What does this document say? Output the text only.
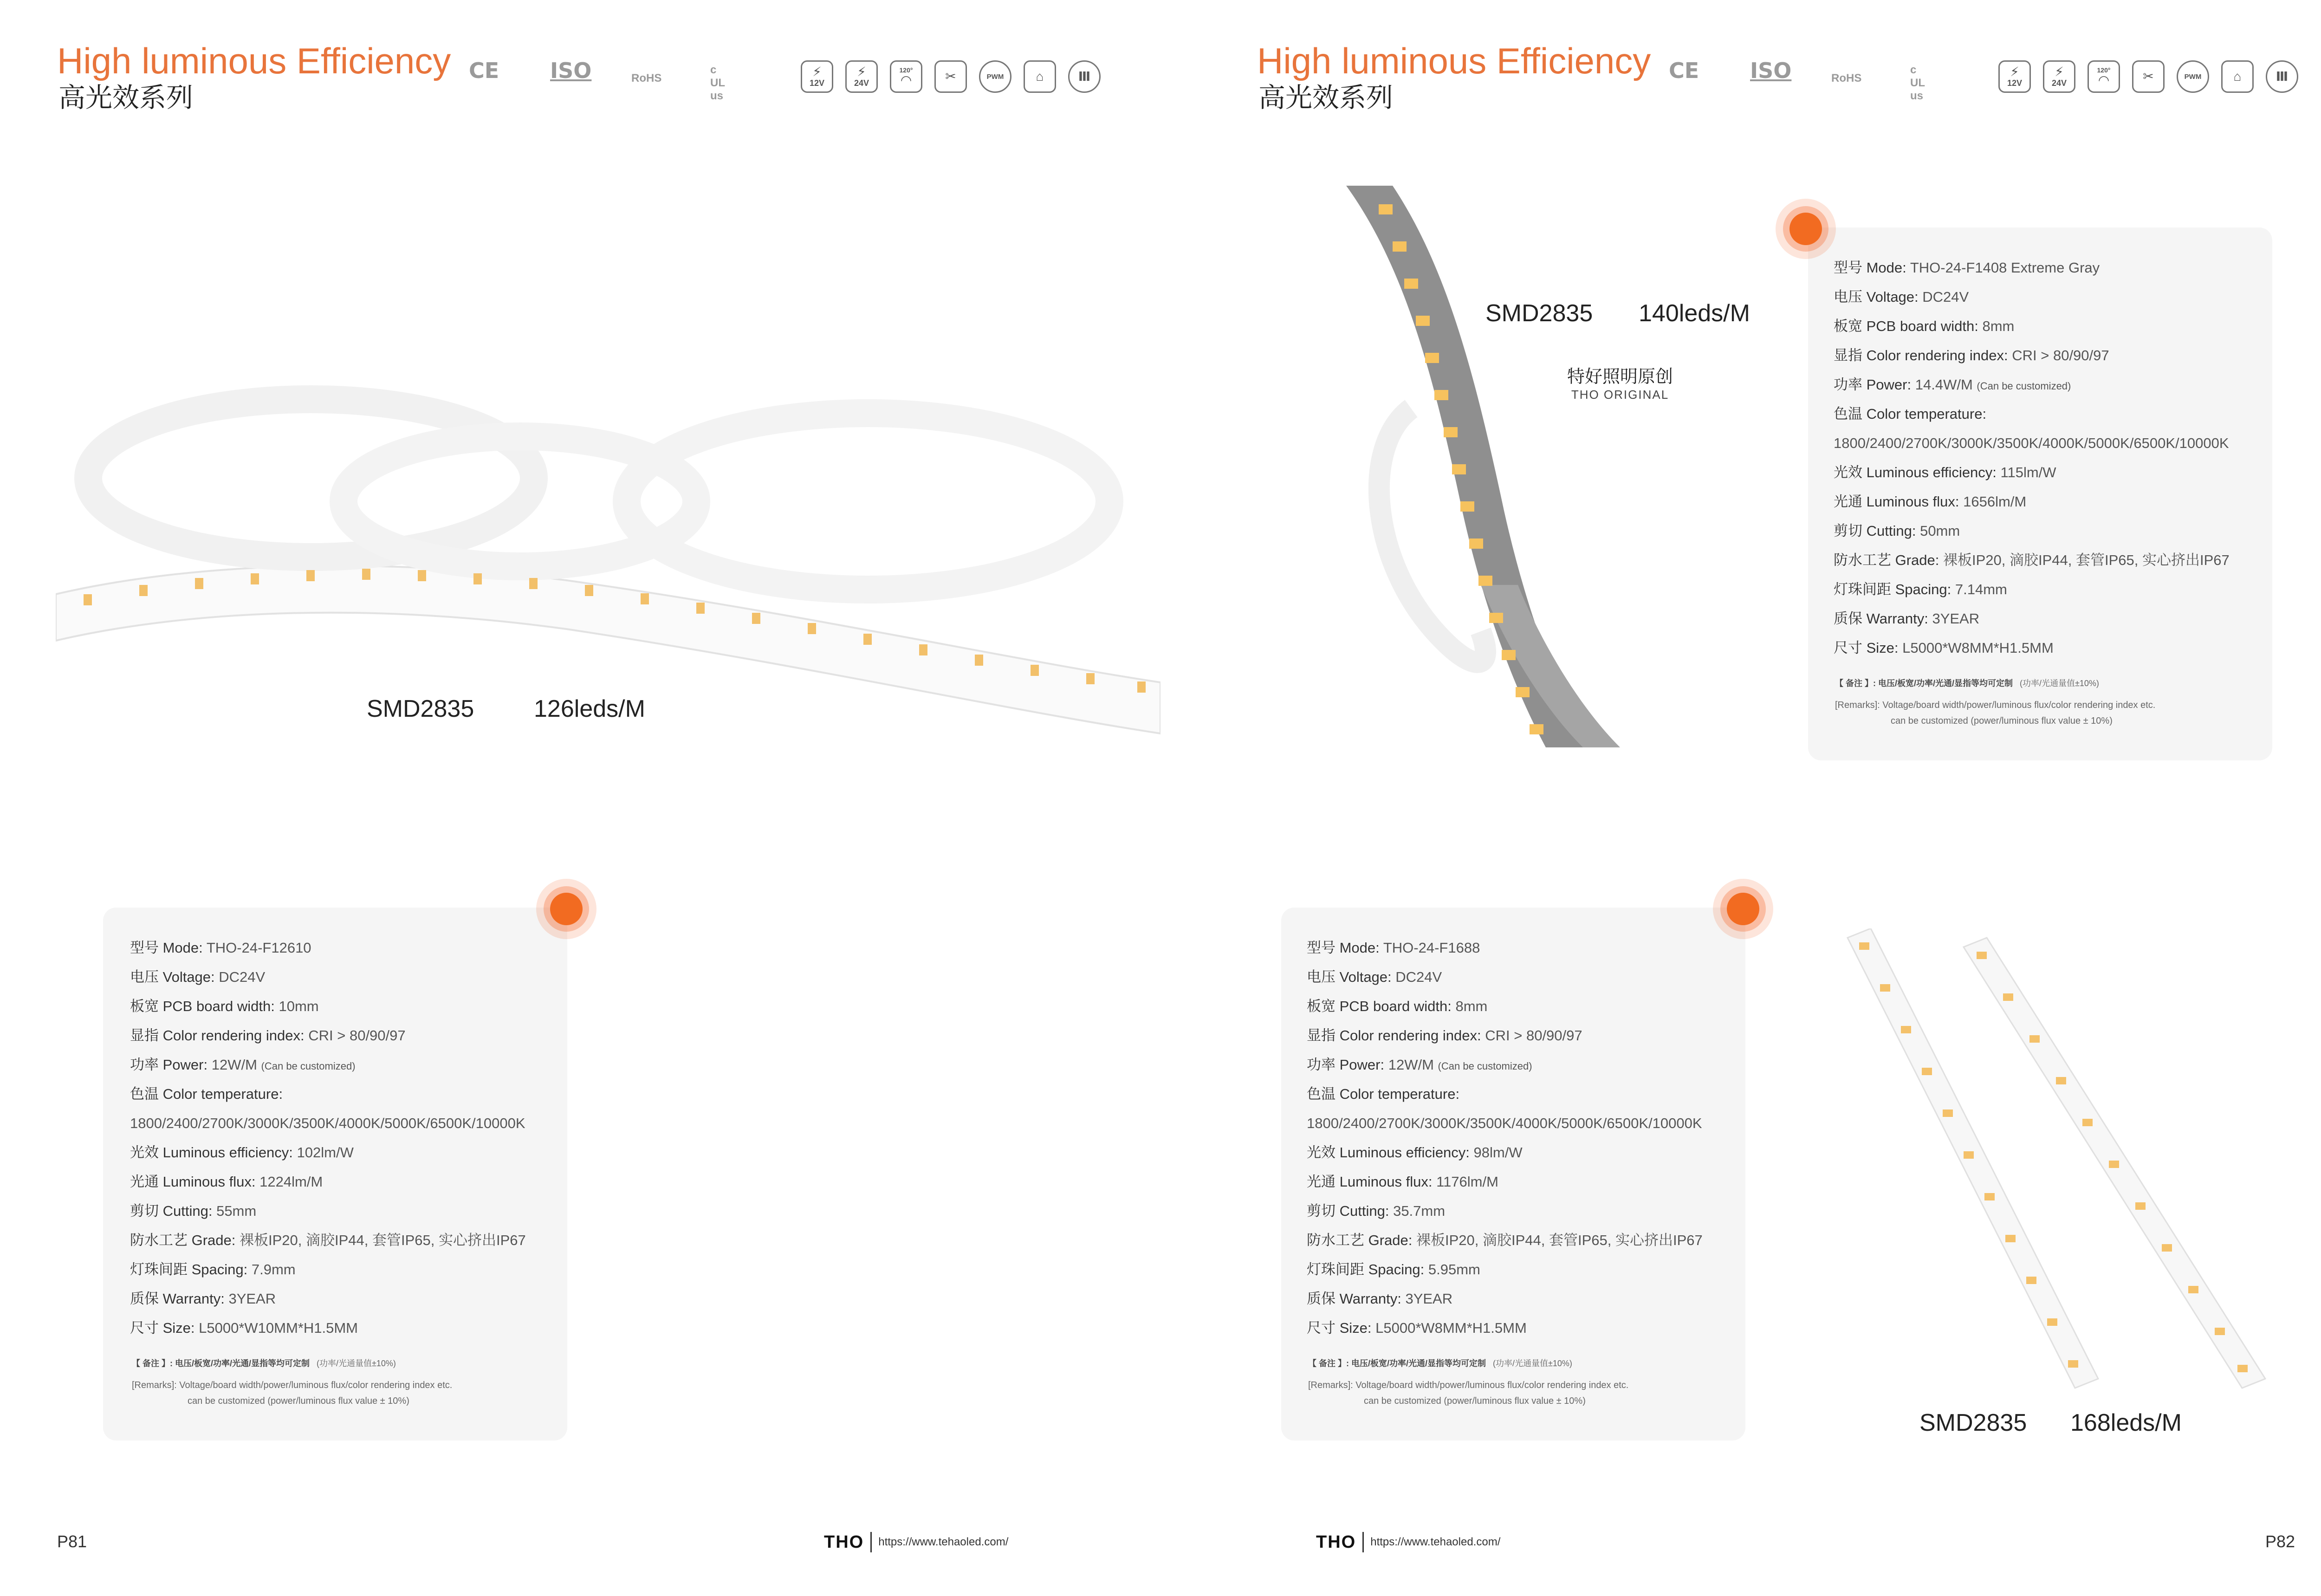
High luminous Efficiency
高光效系列
CE ISO	RoHS
c UL us
⚡
12V
⚡
24V
120°
◠	✂	PWM ⌂	Ⅲ
SMD2835 126leds/M
型号 Mode: THO-24-F12610
电压 Voltage: DC24V
板宽 PCB board width: 10mm
显指 Color rendering index: CRI > 80/90/97
功率 Power: 12W/M (Can be customized)
色温 Color temperature:
1800/2400/2700K/3000K/3500K/4000K/5000K/6500K/10000K
光效 Luminous efficiency: 102lm/W
光通 Luminous flux: 1224lm/M
剪切 Cutting: 55mm
防水工艺 Grade: 裸板IP20, 滴胶IP44, 套管IP65, 实心挤出IP67
灯珠间距 Spacing: 7.9mm
质保 Warranty: 3YEAR
尺寸 Size: L5000*W10MM*H1.5MM
【 备注 】: 电压/板宽/功率/光通/显指等均可定制 (功率/光通量值±10%)
[Remarks]: Voltage/board width/power/luminous flux/color rendering index etc.
can be customized (power/luminous flux value ± 10%)
P81	THO https://www.tehaoled.com/
High luminous Efficiency
高光效系列
CE ISO	RoHS
c UL us
⚡
12V
⚡
24V
120°
◠	✂	PWM ⌂	Ⅲ
SMD2835 140leds/M
特好照明原创
THO ORIGINAL
型号 Mode: THO-24-F1408 Extreme Gray
电压 Voltage: DC24V
板宽 PCB board width: 8mm
显指 Color rendering index: CRI > 80/90/97
功率 Power: 14.4W/M (Can be customized)
色温 Color temperature:
1800/2400/2700K/3000K/3500K/4000K/5000K/6500K/10000K
光效 Luminous efficiency: 115lm/W
光通 Luminous flux: 1656lm/M
剪切 Cutting: 50mm
防水工艺 Grade: 裸板IP20, 滴胶IP44, 套管IP65, 实心挤出IP67
灯珠间距 Spacing: 7.14mm
质保 Warranty: 3YEAR
尺寸 Size: L5000*W8MM*H1.5MM
【 备注 】: 电压/板宽/功率/光通/显指等均可定制 (功率/光通量值±10%)
[Remarks]: Voltage/board width/power/luminous flux/color rendering index etc.
can be customized (power/luminous flux value ± 10%)
型号 Mode: THO-24-F1688
电压 Voltage: DC24V
板宽 PCB board width: 8mm
显指 Color rendering index: CRI > 80/90/97
功率 Power: 12W/M (Can be customized)
色温 Color temperature:
1800/2400/2700K/3000K/3500K/4000K/5000K/6500K/10000K
光效 Luminous efficiency: 98lm/W
光通 Luminous flux: 1176lm/M
剪切 Cutting: 35.7mm
防水工艺 Grade: 裸板IP20, 滴胶IP44, 套管IP65, 实心挤出IP67
灯珠间距 Spacing: 5.95mm
质保 Warranty: 3YEAR
尺寸 Size: L5000*W8MM*H1.5MM
【 备注 】: 电压/板宽/功率/光通/显指等均可定制 (功率/光通量值±10%)
[Remarks]: Voltage/board width/power/luminous flux/color rendering index etc.
can be customized (power/luminous flux value ± 10%)
SMD2835 168leds/M
THO https://www.tehaoled.com/	P82
